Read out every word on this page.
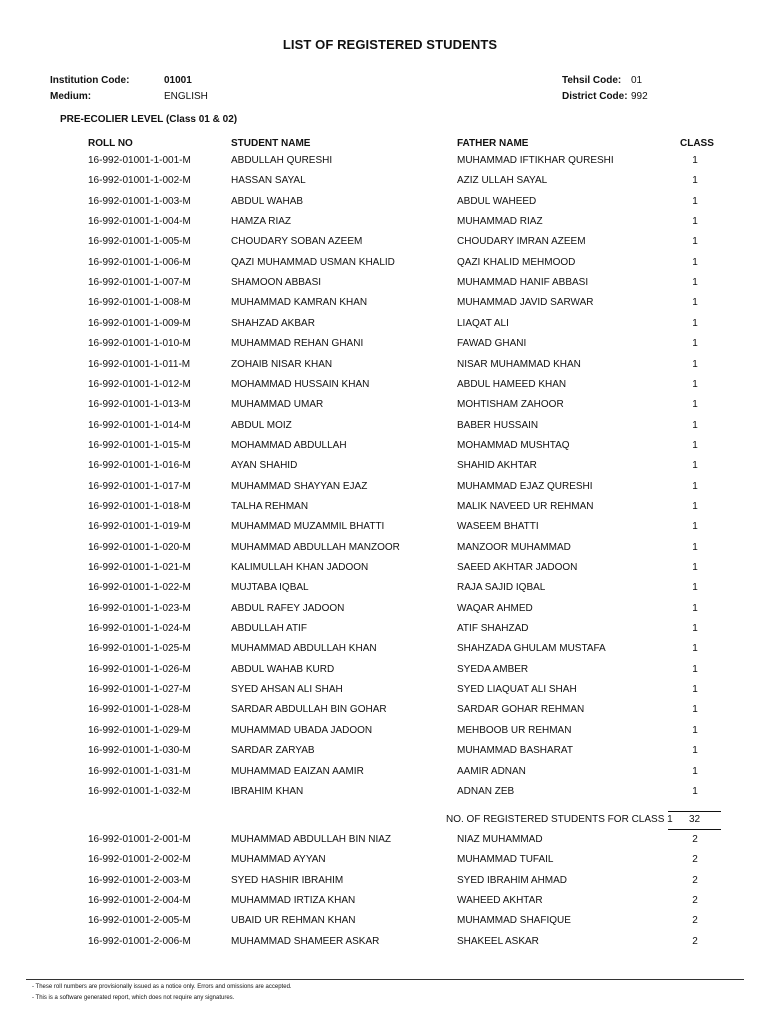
LIST OF REGISTERED STUDENTS
Institution Code:	01001
Medium:	ENGLISH
Tehsil Code: 01
District Code: 992
PRE-ECOLIER LEVEL (Class 01 & 02)
ROLL NO	STUDENT NAME	FATHER NAME	CLASS
16-992-01001-1-001-M	ABDULLAH QURESHI	MUHAMMAD IFTIKHAR QURESHI	1
16-992-01001-1-002-M	HASSAN SAYAL	AZIZ ULLAH SAYAL	1
16-992-01001-1-003-M	ABDUL WAHAB	ABDUL WAHEED	1
16-992-01001-1-004-M	HAMZA RIAZ	MUHAMMAD RIAZ	1
16-992-01001-1-005-M	CHOUDARY SOBAN AZEEM	CHOUDARY IMRAN AZEEM	1
16-992-01001-1-006-M	QAZI MUHAMMAD USMAN KHALID	QAZI KHALID MEHMOOD	1
16-992-01001-1-007-M	SHAMOON ABBASI	MUHAMMAD HANIF ABBASI	1
16-992-01001-1-008-M	MUHAMMAD KAMRAN KHAN	MUHAMMAD JAVID SARWAR	1
16-992-01001-1-009-M	SHAHZAD AKBAR	LIAQAT ALI	1
16-992-01001-1-010-M	MUHAMMAD REHAN GHANI	FAWAD GHANI	1
16-992-01001-1-011-M	ZOHAIB NISAR KHAN	NISAR MUHAMMAD KHAN	1
16-992-01001-1-012-M	MOHAMMAD HUSSAIN KHAN	ABDUL HAMEED KHAN	1
16-992-01001-1-013-M	MUHAMMAD UMAR	MOHTISHAM ZAHOOR	1
16-992-01001-1-014-M	ABDUL MOIZ	BABER HUSSAIN	1
16-992-01001-1-015-M	MOHAMMAD ABDULLAH	MOHAMMAD MUSHTAQ	1
16-992-01001-1-016-M	AYAN SHAHID	SHAHID AKHTAR	1
16-992-01001-1-017-M	MUHAMMAD SHAYYAN EJAZ	MUHAMMAD EJAZ QURESHI	1
16-992-01001-1-018-M	TALHA REHMAN	MALIK NAVEED UR REHMAN	1
16-992-01001-1-019-M	MUHAMMAD MUZAMMIL BHATTI	WASEEM BHATTI	1
16-992-01001-1-020-M	MUHAMMAD ABDULLAH MANZOOR	MANZOOR MUHAMMAD	1
16-992-01001-1-021-M	KALIMULLAH KHAN JADOON	SAEED AKHTAR JADOON	1
16-992-01001-1-022-M	MUJTABA IQBAL	RAJA SAJID IQBAL	1
16-992-01001-1-023-M	ABDUL RAFEY JADOON	WAQAR AHMED	1
16-992-01001-1-024-M	ABDULLAH ATIF	ATIF SHAHZAD	1
16-992-01001-1-025-M	MUHAMMAD ABDULLAH KHAN	SHAHZADA GHULAM MUSTAFA	1
16-992-01001-1-026-M	ABDUL WAHAB KURD	SYEDA AMBER	1
16-992-01001-1-027-M	SYED AHSAN ALI SHAH	SYED LIAQUAT ALI SHAH	1
16-992-01001-1-028-M	SARDAR ABDULLAH BIN GOHAR	SARDAR GOHAR REHMAN	1
16-992-01001-1-029-M	MUHAMMAD UBADA JADOON	MEHBOOB UR REHMAN	1
16-992-01001-1-030-M	SARDAR ZARYAB	MUHAMMAD BASHARAT	1
16-992-01001-1-031-M	MUHAMMAD EAIZAN AAMIR	AAMIR ADNAN	1
16-992-01001-1-032-M	IBRAHIM KHAN	ADNAN ZEB	1
16-992-01001-2-001-M	MUHAMMAD ABDULLAH BIN NIAZ	NIAZ MUHAMMAD	2
16-992-01001-2-002-M	MUHAMMAD AYYAN	MUHAMMAD TUFAIL	2
16-992-01001-2-003-M	SYED HASHIR IBRAHIM	SYED IBRAHIM AHMAD	2
16-992-01001-2-004-M	MUHAMMAD IRTIZA KHAN	WAHEED AKHTAR	2
16-992-01001-2-005-M	UBAID UR REHMAN KHAN	MUHAMMAD SHAFIQUE	2
16-992-01001-2-006-M	MUHAMMAD SHAMEER ASKAR	SHAKEEL ASKAR	2
NO. OF REGISTERED STUDENTS FOR CLASS 1	32
- These roll numbers are provisionally issued as a notice only. Errors and omissions are accepted.
- This is a software generated report, which does not require any signatures.
